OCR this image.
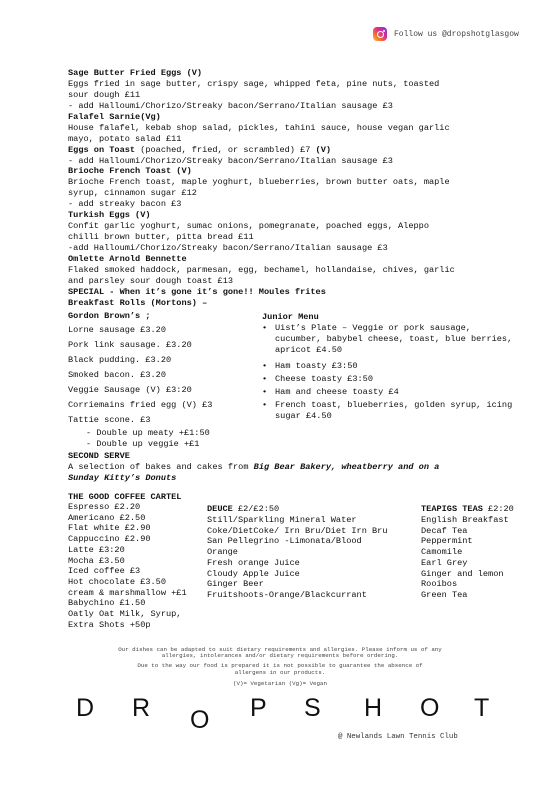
Follow us @dropshotglasgow
Sage Butter Fried Eggs (V)
Eggs fried in sage butter, crispy sage, whipped feta, pine nuts, toasted
sour dough £11
- add Halloumi/Chorizo/Streaky bacon/Serrano/Italian sausage £3
Falafel Sarnie(Vg)
House falafel, kebab shop salad, pickles, tahini sauce, house vegan garlic
mayo, potato salad £11
Eggs on Toast (poached, fried, or scrambled) £7 (V)
- add Halloumi/Chorizo/Streaky bacon/Serrano/Italian sausage £3
Brioche French Toast (V)
Brioche French toast, maple yoghurt, blueberries, brown butter oats, maple
syrup, cinnamon sugar £12
- add streaky bacon £3
Turkish Eggs (V)
Confit garlic yoghurt, sumac onions, pomegranate, poached eggs, Aleppo
chilli brown butter, pitta bread £11
-add Halloumi/Chorizo/Streaky bacon/Serrano/Italian sausage £3
Omlette Arnold Bennette
Flaked smoked haddock, parmesan, egg, bechamel, hollandaise, chives, garlic
and parsley sour dough toast £13
SPECIAL - When it’s gone it’s gone!! Moules frites
Breakfast Rolls (Mortons) –
Gordon Brown’s ;
Lorne sausage £3.20
Pork link sausage. £3.20
Black pudding. £3.20
Smoked bacon. £3.20
Veggie Sausage (V) £3:20
Corriemains fried egg (V) £3
Tattie scone. £3
- Double up meaty +£1:50
- Double up veggie +£1
Junior Menu
• Uist’s Plate – Veggie or pork sausage, cucumber, babybel cheese, toast, blue berries, apricot £4.50
• Ham toasty £3:50
• Cheese toasty £3:50
• Ham and cheese toasty £4
• French toast, blueberries, golden syrup, icing sugar £4.50
SECOND SERVE
A selection of bakes and cakes from Big Bear Bakery, wheatberry and on a
Sunday Kitty’s Donuts
THE GOOD COFFEE CARTEL
Espresso £2.20
Americano £2.50
Flat white £2.90
Cappuccino £2.90
Latte £3:20
Mocha £3.50
Iced coffee £3
Hot chocolate £3.50
cream & marshmallow +£1
Babychino £1.50
Oatly Oat Milk, Syrup,
Extra Shots +50p
DEUCE £2/£2:50
Still/Sparkling Mineral Water
Coke/DietCoke/ Irn Bru/Diet Irn Bru
San Pellegrino -Limonata/Blood
Orange
Fresh orange Juice
Cloudy Apple Juice
Ginger Beer
Fruitshoots-Orange/Blackcurrant
TEAPIGS TEAS £2:20
English Breakfast
Decaf Tea
Peppermint
Camomile
Earl Grey
Ginger and lemon
Rooibos
Green Tea
Our dishes can be adapted to suit dietary requirements and allergies. Please inform us of any
allergies, intolerances and/or dietary requirements before ordering.
Due to the way our food is prepared it is not possible to guarantee the absence of
allergens in our products.
(V)= Vegetarian (Vg)= Vegan
D R O P S H O T
@ Newlands Lawn Tennis Club
